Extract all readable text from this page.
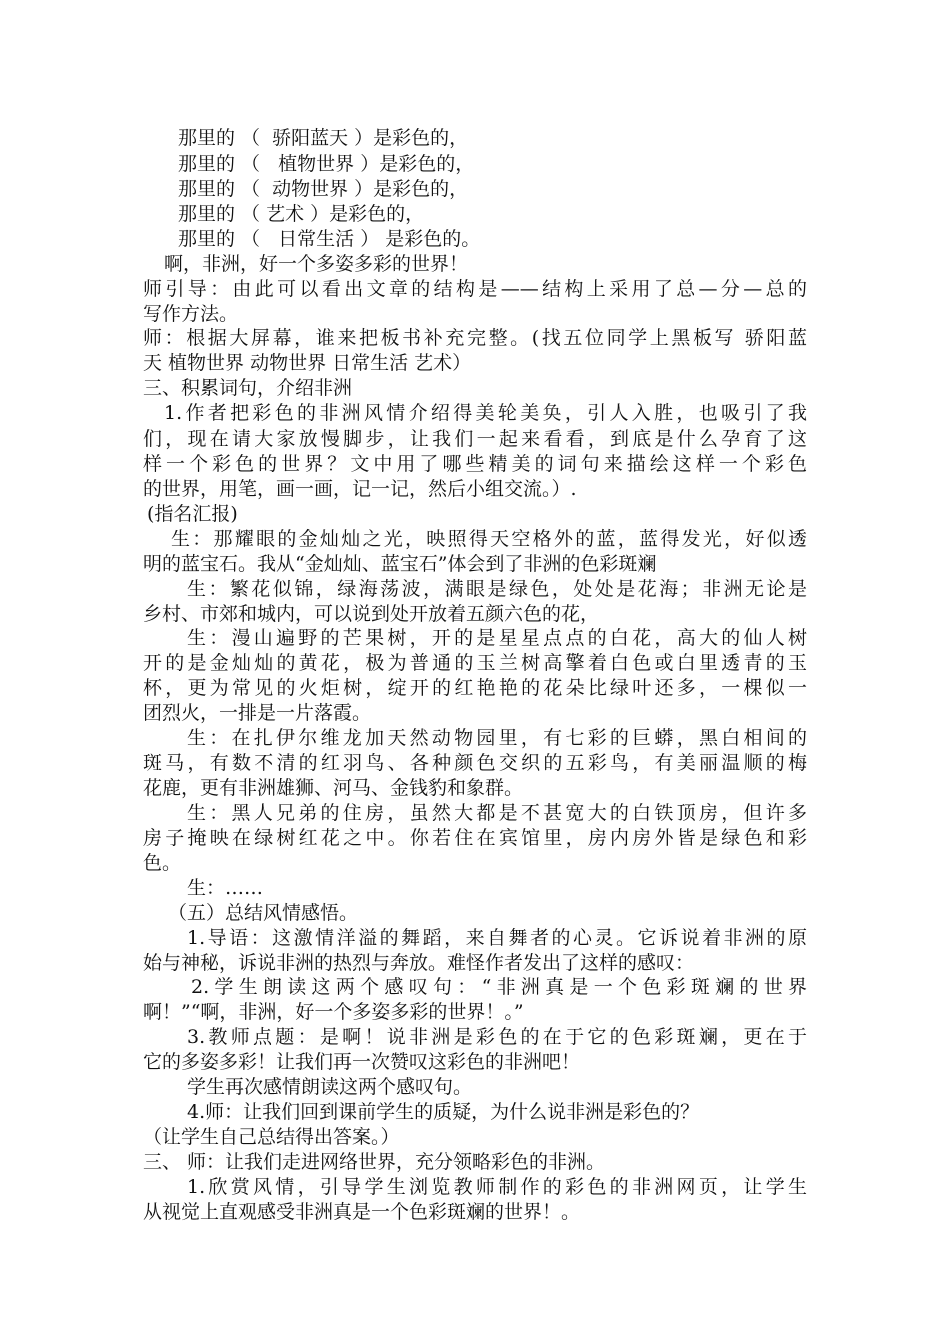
那里的 （  骄阳蓝天 ）是彩色的，

那里的 （   植物世界 ）是彩色的，

那里的 （  动物世界 ）是彩色的，

那里的 （ 艺术 ）是彩色的，

那里的 （   日常生活 ） 是彩色的。

啊，非洲，好一个多姿多彩的世界！

师引导：由此可以看出文章的结构是——结构上采用了总—分—总的

写作方法。

师：根据大屏幕，谁来把板书补充完整。(找五位同学上黑板写 骄阳蓝

天 植物世界 动物世界 日常生活 艺术）

三、积累词句，介绍非洲

1.作者把彩色的非洲风情介绍得美轮美奂，引人入胜，也吸引了我

们，现在请大家放慢脚步，让我们一起来看看，到底是什么孕育了这

样一个彩色的世界？文中用了哪些精美的词句来描绘这样一个彩色

的世界，用笔，画一画，记一记，然后小组交流。）.

(指名汇报)

生：那耀眼的金灿灿之光，映照得天空格外的蓝，蓝得发光，好似透

明的蓝宝石。我从“金灿灿、蓝宝石”体会到了非洲的色彩斑斓

生：繁花似锦，绿海荡波，满眼是绿色，处处是花海；非洲无论是

乡村、市郊和城内，可以说到处开放着五颜六色的花，

生：漫山遍野的芒果树，开的是星星点点的白花，高大的仙人树

开的是金灿灿的黄花，极为普通的玉兰树高擎着白色或白里透青的玉

杯，更为常见的火炬树，绽开的红艳艳的花朵比绿叶还多，一棵似一

团烈火，一排是一片落霞。

生：在扎伊尔维龙加天然动物园里，有七彩的巨蟒，黑白相间的

斑马，有数不清的红羽鸟、各种颜色交织的五彩鸟，有美丽温顺的梅

花鹿，更有非洲雄狮、河马、金钱豹和象群。

生：黑人兄弟的住房，虽然大都是不甚宽大的白铁顶房，但许多

房子掩映在绿树红花之中。你若住在宾馆里，房内房外皆是绿色和彩

色。

生：……

（五）总结风情感悟。

1.导语：这激情洋溢的舞蹈，来自舞者的心灵。它诉说着非洲的原

始与神秘，诉说非洲的热烈与奔放。难怪作者发出了这样的感叹：

2.学生朗读这两个感叹句：“非洲真是一个色彩斑斓的世界

啊！”“啊，非洲，好一个多姿多彩的世界！。”

3.教师点题：是啊！说非洲是彩色的在于它的色彩斑斓，更在于

它的多姿多彩！让我们再一次赞叹这彩色的非洲吧！

学生再次感情朗读这两个感叹句。

4.师：让我们回到课前学生的质疑，为什么说非洲是彩色的？

（让学生自己总结得出答案。）

三、 师：让我们走进网络世界，充分领略彩色的非洲。

1.欣赏风情，引导学生浏览教师制作的彩色的非洲网页，让学生

从视觉上直观感受非洲真是一个色彩斑斓的世界！。
